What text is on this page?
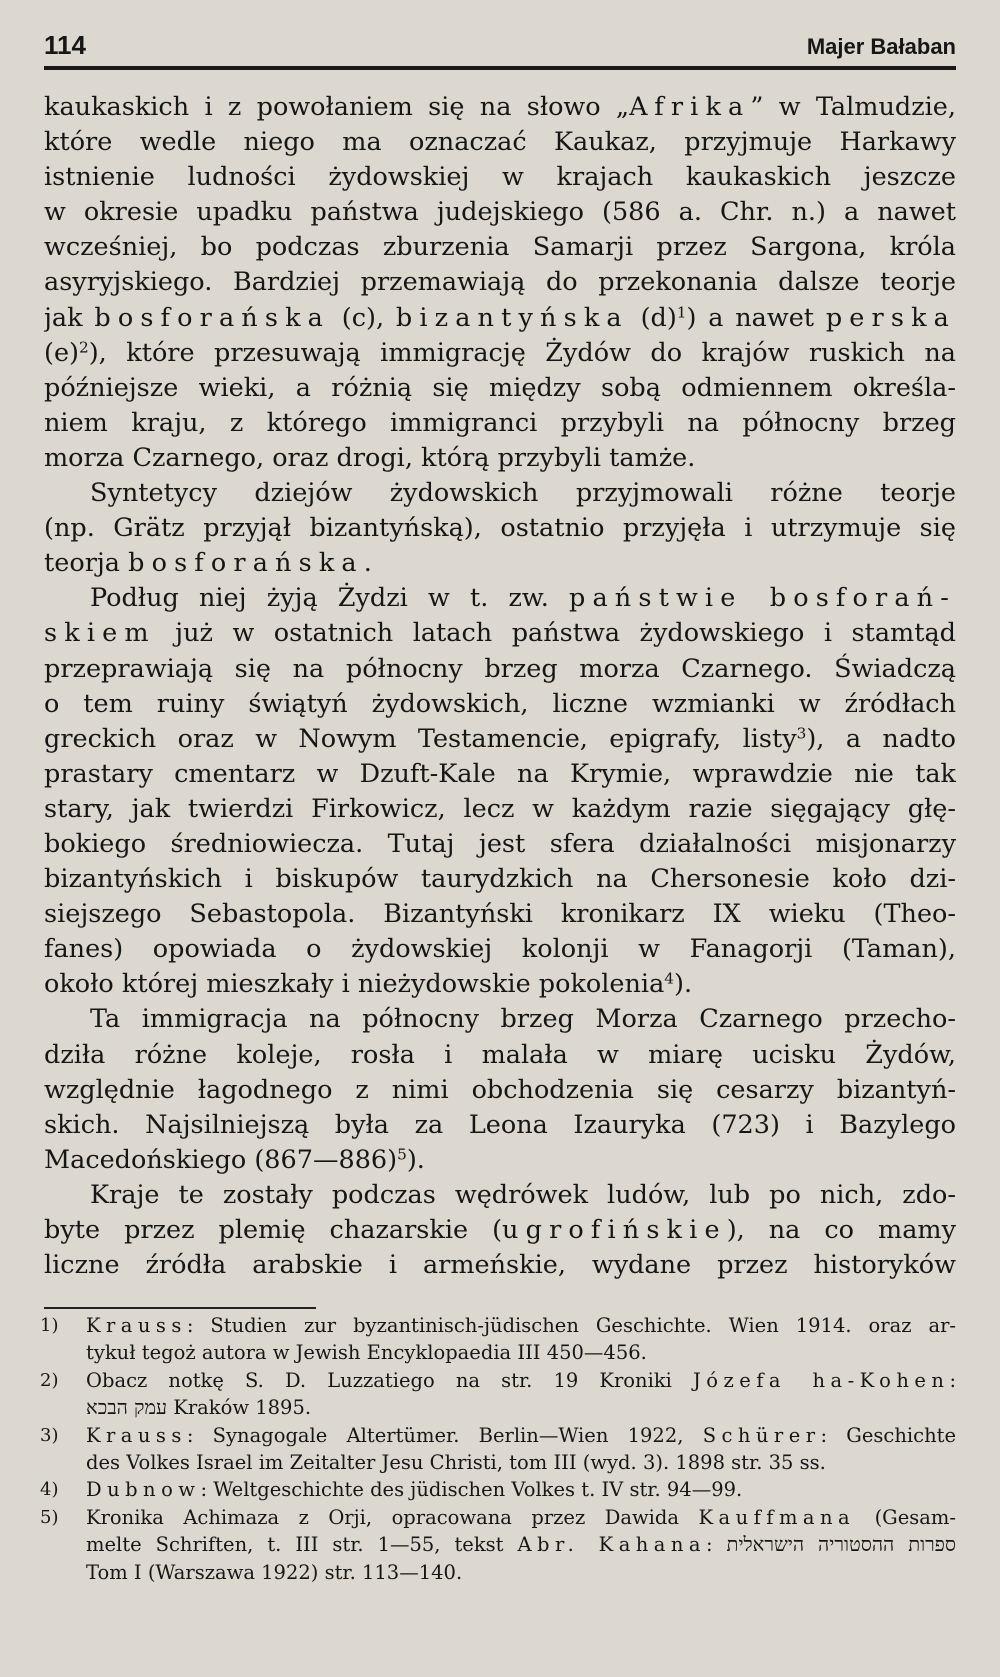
114	Majer Bałaban
kaukaskich i z powołaniem się na słowo „Afrika” w Talmudzie,
które wedle niego ma oznaczać Kaukaz, przyjmuje Harkawy
istnienie ludności żydowskiej w krajach kaukaskich jeszcze
w okresie upadku państwa judejskiego (586 a. Chr. n.) a nawet
wcześniej, bo podczas zburzenia Samarji przez Sargona, króla
asyryjskiego. Bardziej przemawiają do przekonania dalsze teorje
jak bosforańska (c), bizantyńska $(d)^1$) a nawet perska
$(e)^2$), które przesuwają immigrację Żydów do krajów ruskich na
późniejsze wieki, a różnią się między sobą odmiennem określa-
niem kraju, z którego immigranci przybyli na północny brzeg
morza Czarnego, oraz drogi, którą przybyli tamże.
Syntetycy dziejów żydowskich przyjmowali różne teorje
(np. Grätz przyjął bizantyńską), ostatnio przyjęła i utrzymuje się
teorja bosforańska.
Podług niej żyją Żydzi w t. zw. państwie bosforań-
skiem już w ostatnich latach państwa żydowskiego i stamtąd
przeprawiają się na północny brzeg morza Czarnego. Świadczą
o tem ruiny świątyń żydowskich, liczne wzmianki w źródłach
greckich oraz w Nowym Testamencie, epigrafy, listy$^3$), a nadto
prastary cmentarz w Dzuft-Kale na Krymie, wprawdzie nie tak
stary, jak twierdzi Firkowicz, lecz w każdym razie sięgający głę-
bokiego średniowiecza. Tutaj jest sfera działalności misjonarzy
bizantyńskich i biskupów taurydzkich na Chersonesie koło dzi-
siejszego Sebastopola. Bizantyński kronikarz IX wieku (Theo-
fanes) opowiada o żydowskiej kolonji w Fanagorji (Taman),
około której mieszkały i nieżydowskie pokolenia$^4$).
Ta immigracja na północny brzeg Morza Czarnego przecho-
dziła różne koleje, rosła i malała w miarę ucisku Żydów,
względnie łagodnego z nimi obchodzenia się cesarzy bizantyń-
skich. Najsilniejszą była za Leona Izauryka (723) i Bazylego
Macedońskiego (867—886)$^5$).
Kraje te zostały podczas wędrówek ludów, lub po nich, zdo-
byte przez plemię chazarskie (ugrofińskie), na co mamy
liczne źródła arabskie i armeńskie, wydane przez historyków
1) Krauss: Studien zur byzantinisch-jüdischen Geschichte. Wien 1914. oraz ar-
tykuł tegoż autora w Jewish Encyklopaedia III 450—456.
2) Obacz notkę S. D. Luzzatiego na str. 19 Kroniki Józefa ha-Kohen:
עמק הבכא Kraków 1895.
3) Krauss: Synagogale Altertümer. Berlin—Wien 1922, Schürer: Geschichte
des Volkes Israel im Zeitalter Jesu Christi, tom III (wyd. 3). 1898 str. 35 ss.
4) Dubnow: Weltgeschichte des jüdischen Volkes t. IV str. 94—99.
5) Kronika Achimaza z Orji, opracowana przez Dawida Kauffmana (Gesam-
melte Schriften, t. III str. 1—55, tekst Abr. Kahana: ספרות ההסטוריה הישראלית
Tom I (Warszawa 1922) str. 113—140.
